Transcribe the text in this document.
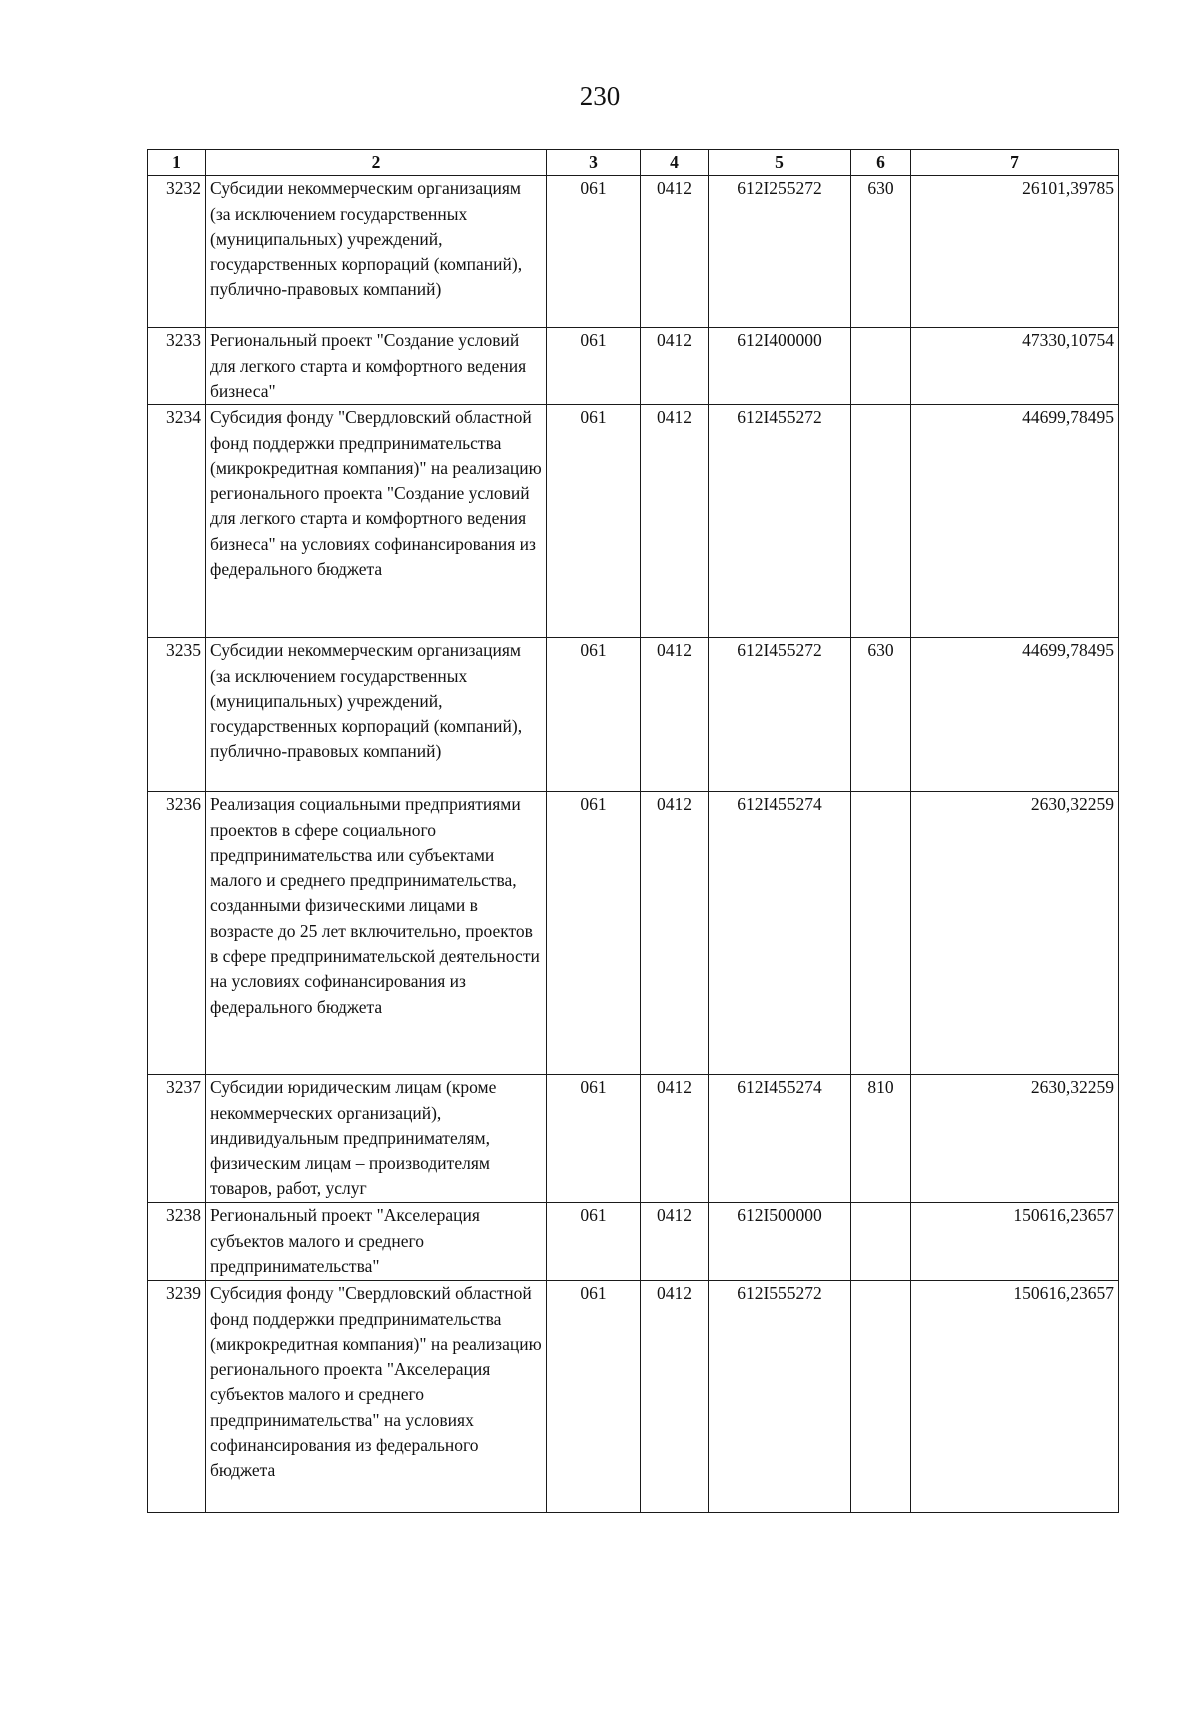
230
1	2	3	4	5	6	7
3232	Субсидии некоммерческим организациям (за исключением государственных (муниципальных) учреждений, государственных корпораций (компаний), публично-правовых компаний)	061	0412	612I255272	630	26101,39785
3233	Региональный проект "Создание условий для легкого старта и комфортного ведения бизнеса"	061	0412	612I400000		47330,10754
3234	Субсидия фонду "Свердловский областной фонд поддержки предпринимательства (микрокредитная компания)" на реализацию регионального проекта "Создание условий для легкого старта и комфортного ведения бизнеса" на условиях софинансирования из федерального бюджета	061	0412	612I455272		44699,78495
3235	Субсидии некоммерческим организациям (за исключением государственных (муниципальных) учреждений, государственных корпораций (компаний), публично-правовых компаний)	061	0412	612I455272	630	44699,78495
3236	Реализация социальными предприятиями проектов в сфере социального предпринимательства или субъектами малого и среднего предпринимательства, созданными физическими лицами в возрасте до 25 лет включительно, проектов в сфере предпринимательской деятельности на условиях софинансирования из федерального бюджета	061	0412	612I455274		2630,32259
3237	Субсидии юридическим лицам (кроме некоммерческих организаций), индивидуальным предпринимателям, физическим лицам – производителям товаров, работ, услуг	061	0412	612I455274	810	2630,32259
3238	Региональный проект "Акселерация субъектов малого и среднего предпринимательства"	061	0412	612I500000		150616,23657
3239	Субсидия фонду "Свердловский областной фонд поддержки предпринимательства (микрокредитная компания)" на реализацию регионального проекта "Акселерация субъектов малого и среднего предпринимательства" на условиях софинансирования из федерального бюджета	061	0412	612I555272		150616,23657
